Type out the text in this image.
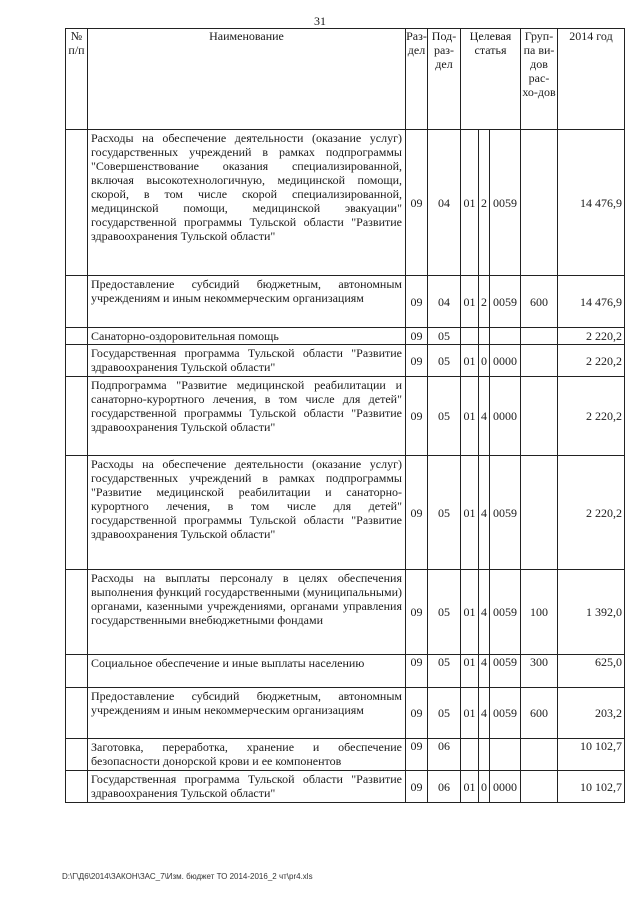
31
№ п/п	Наименование	Раз-дел	Под-раз-дел	Целевая статья			Груп-па ви-дов рас-хо-дов	2014 год
	Расходы на обеспечение деятельности (оказание услуг) государственных учреждений в рамках подпрограммы "Совершенствование оказания специализированной, включая высокотехнологичную, медицинской помощи, скорой, в том числе скорой специализированной, медицинской помощи, медицинской эвакуации" государственной программы Тульской области "Развитие здравоохранения Тульской области"	09	04	01	2	0059		14 476,9
	Предоставление субсидий бюджетным, автономным учреждениям и иным некоммерческим организациям	09	04	01	2	0059	600	14 476,9
	Санаторно-оздоровительная помощь	09	05					2 220,2
	Государственная программа Тульской области "Развитие здравоохранения Тульской области"	09	05	01	0	0000		2 220,2
	Подпрограмма "Развитие медицинской реабилитации и санаторно-курортного лечения, в том числе для детей" государственной программы Тульской области "Развитие здравоохранения Тульской области"	09	05	01	4	0000		2 220,2
	Расходы на обеспечение деятельности (оказание услуг) государственных учреждений в рамках подпрограммы "Развитие медицинской реабилитации и санаторно-курортного лечения, в том числе для детей" государственной программы Тульской области "Развитие здравоохранения Тульской области"	09	05	01	4	0059		2 220,2
	Расходы на выплаты персоналу в целях обеспечения выполнения функций государственными (муниципальными) органами, казенными учреждениями, органами управления государственными внебюджетными фондами	09	05	01	4	0059	100	1 392,0
	Социальное обеспечение и иные выплаты населению	09	05	01	4	0059	300	625,0
	Предоставление субсидий бюджетным, автономным учреждениям и иным некоммерческим организациям	09	05	01	4	0059	600	203,2
	Заготовка, переработка, хранение и обеспечение безопасности донорской крови и ее компонентов	09	06					10 102,7
	Государственная программа Тульской области "Развитие здравоохранения Тульской области"	09	06	01	0	0000		10 102,7
D:\Г\Д6\2014\ЗАКОН\ЗАС_7\Изм. бюджет ТО 2014-2016_2 чт\рr4.xls
